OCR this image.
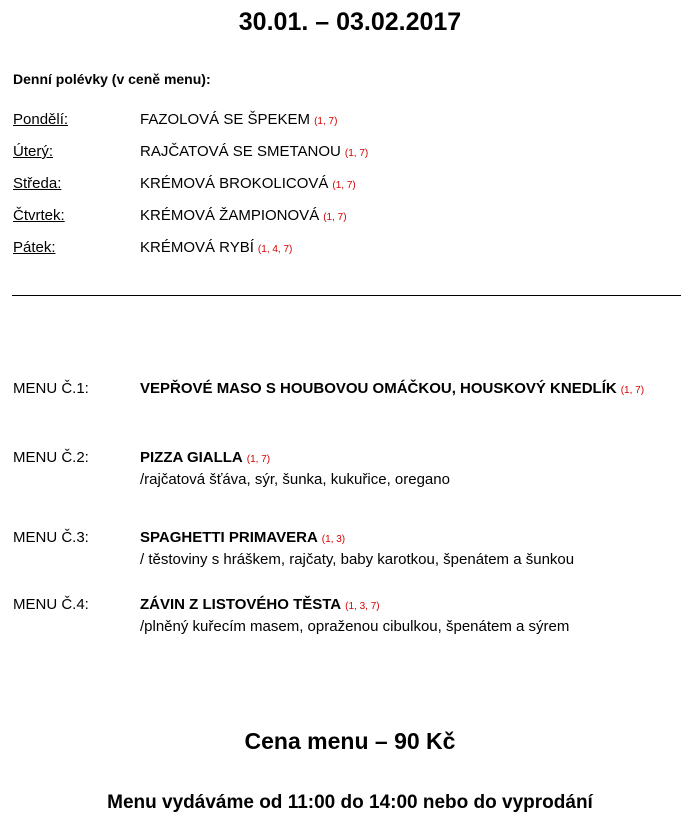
30.01. – 03.02.2017
Denní polévky (v ceně menu):
Pondělí:	FAZOLOVÁ SE ŠPEKEM (1, 7)
Úterý:	RAJČATOVÁ SE SMETANOU (1, 7)
Středa:	KRÉMOVÁ BROKOLICOVÁ (1, 7)
Čtvrtek:	KRÉMOVÁ ŽAMPIONOVÁ (1, 7)
Pátek:	KRÉMOVÁ RYBÍ (1, 4, 7)
MENU Č.1:	VEPŘOVÉ MASO S HOUBOVOU OMÁČKOU, HOUSKOVÝ KNEDLÍK (1, 7)
MENU Č.2:	PIZZA GIALLA (1, 7)
/rajčatová šťáva, sýr, šunka, kukuřice, oregano
MENU Č.3:	SPAGHETTI PRIMAVERA (1, 3)
/ těstoviny s hráškem, rajčaty, baby karotkou, špenátem a šunkou
MENU Č.4:	ZÁVIN Z LISTOVÉHO TĚSTA (1, 3, 7)
/plněný kuřecím masem, opraženou cibulkou, špenátem a sýrem
Cena menu – 90 Kč
Menu vydáváme od 11:00 do 14:00 nebo do vyprodání
